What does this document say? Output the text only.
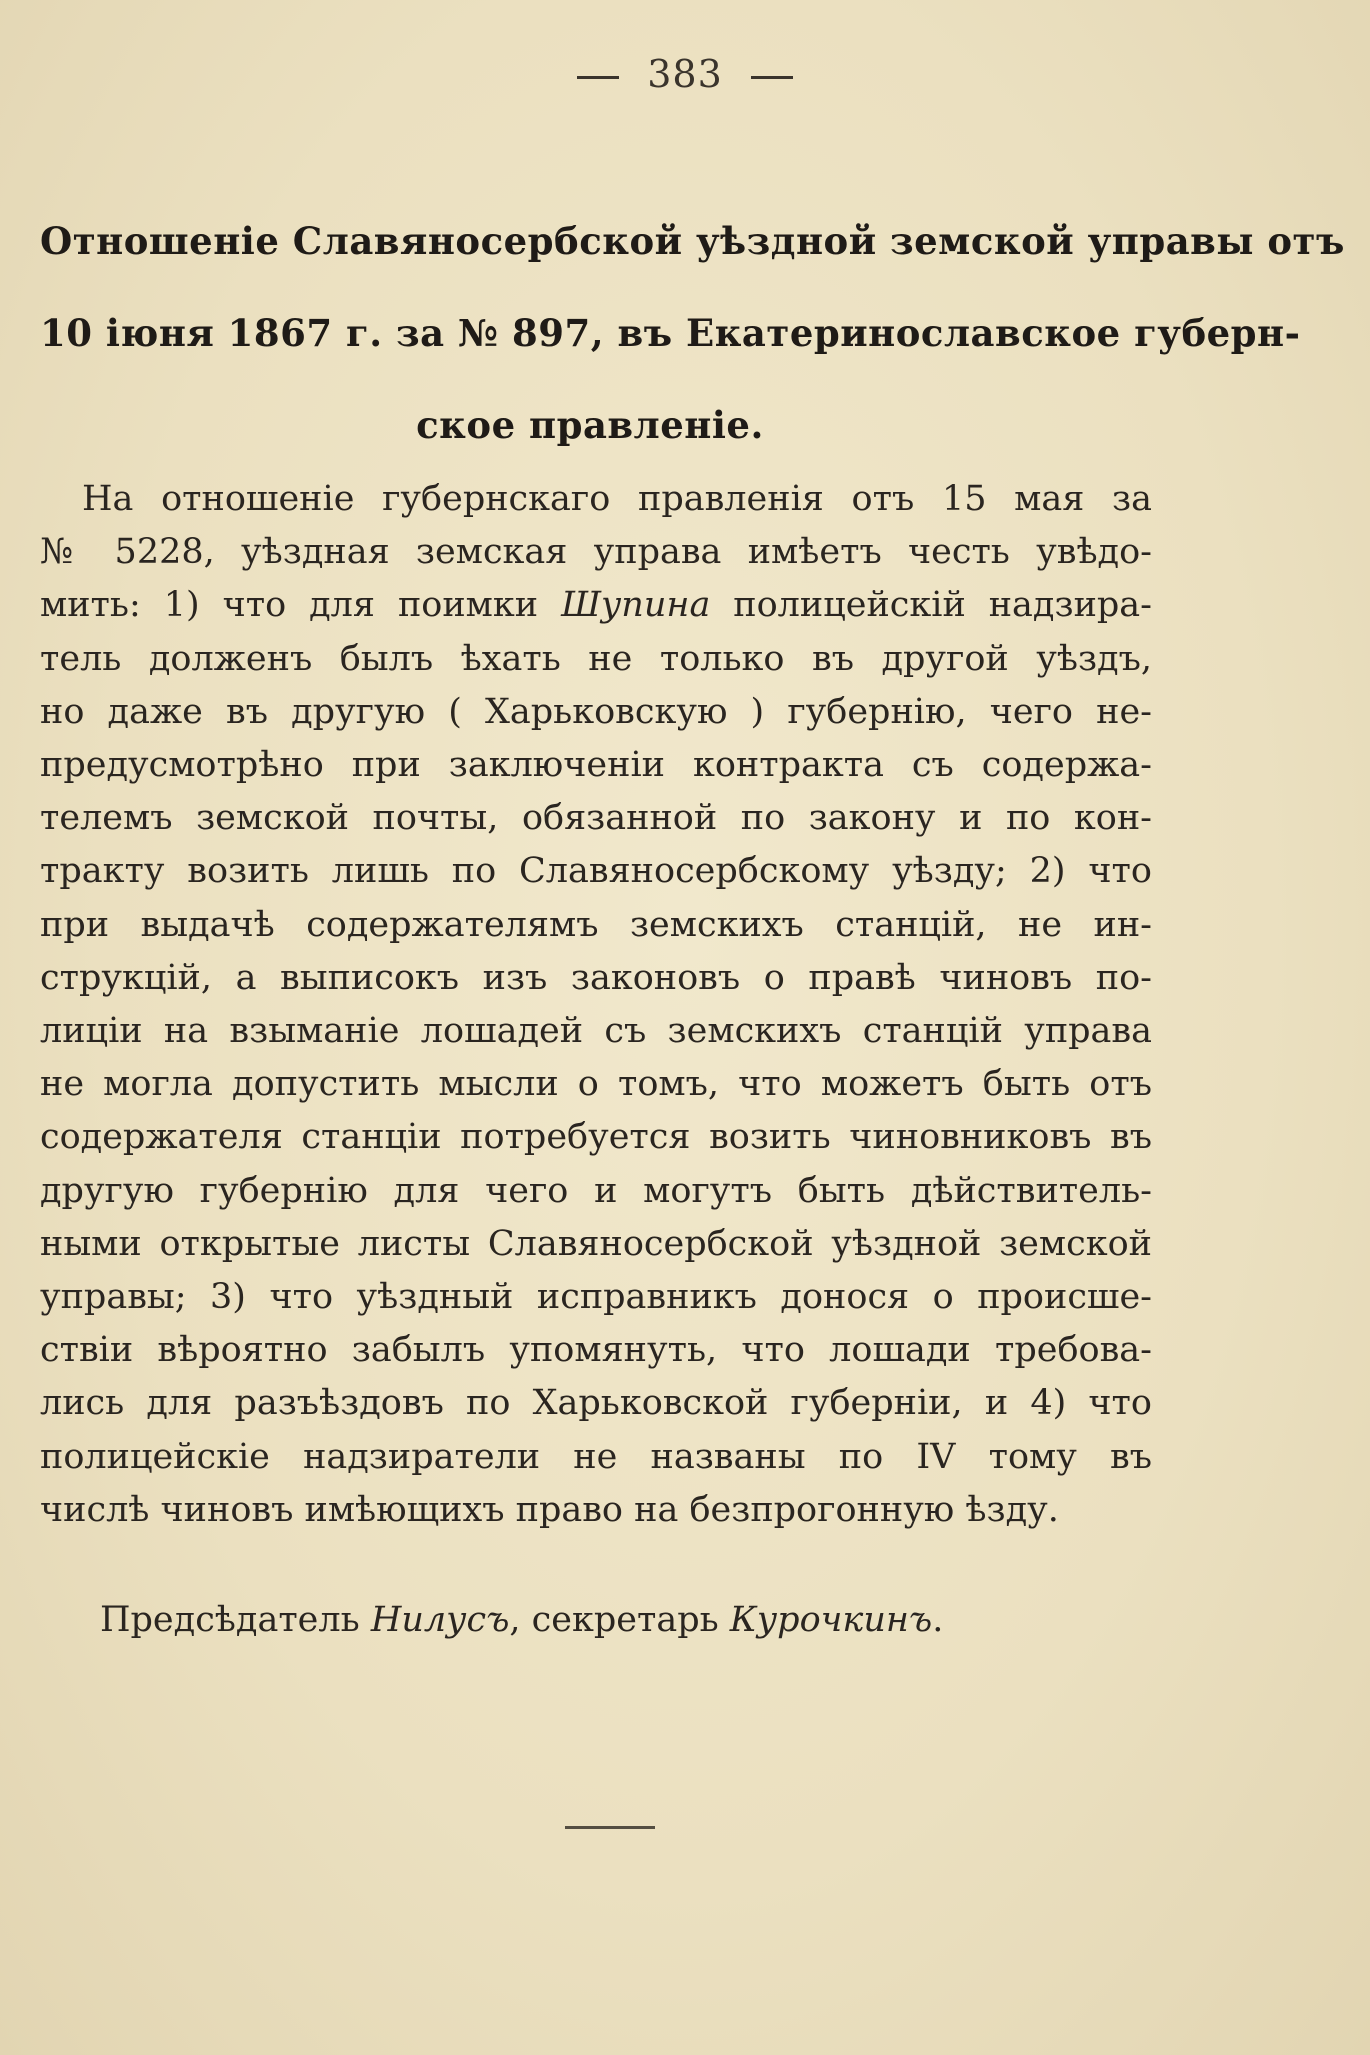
383
Отношеніе Славяносербской уѣздной земской управы отъ
10 іюня 1867 г. за № 897, въ Екатеринославское губерн-
ское правленіе.
На отношеніе губернскаго правленія отъ 15 мая за
№ 5228, уѣздная земская управа имѣетъ честь увѣдо-
мить: 1) что для поимки Шупина полицейскій надзира-
тель долженъ былъ ѣхать не только въ другой уѣздъ,
но даже въ другую ( Харьковскую ) губернію, чего не-
предусмотрѣно при заключеніи контракта съ содержа-
телемъ земской почты, обязанной по закону и по кон-
тракту возить лишь по Славяносербскому уѣзду; 2) что
при выдачѣ содержателямъ земскихъ станцій, не ин-
струкцій, а выписокъ изъ законовъ о правѣ чиновъ по-
лиціи на взыманіе лошадей съ земскихъ станцій управа
не могла допустить мысли о томъ, что можетъ быть отъ
содержателя станціи потребуется возить чиновниковъ въ
другую губернію для чего и могутъ быть дѣйствитель-
ными открытые листы Славяносербской уѣздной земской
управы; 3) что уѣздный исправникъ донося о происше-
ствіи вѣроятно забылъ упомянуть, что лошади требова-
лись для разъѣздовъ по Харьковской губерніи, и 4) что
полицейскіе надзиратели не названы по IV тому въ
числѣ чиновъ имѣющихъ право на безпрогонную ѣзду.
Предсѣдатель Нилусъ, секретарь Курочкинъ.
